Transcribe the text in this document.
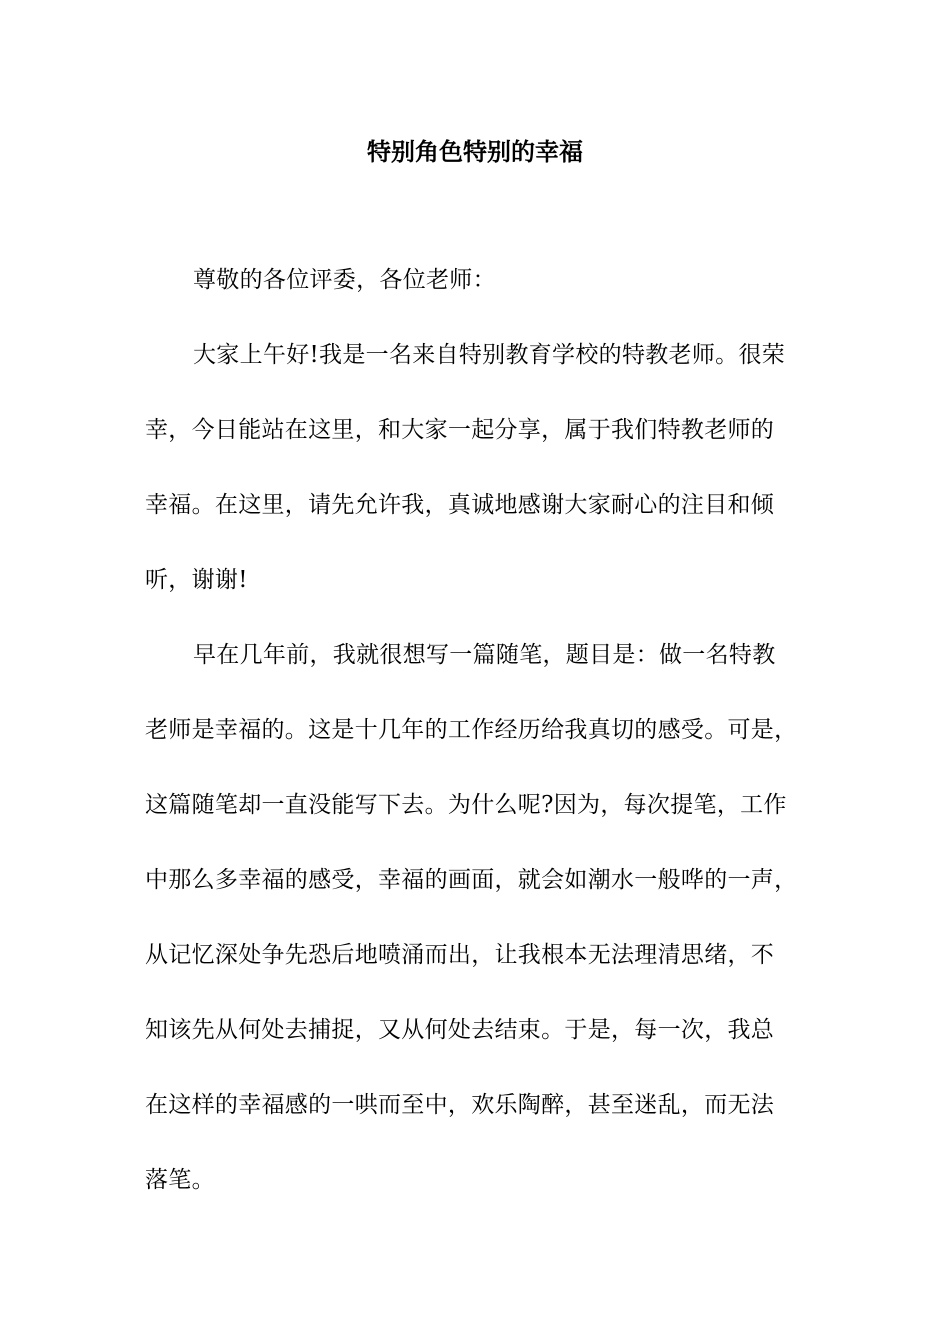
特别角色特别的幸福
尊敬的各位评委，各位老师：
大家上午好!我是一名来自特别教育学校的特教老师。很荣
幸，今日能站在这里，和大家一起分享，属于我们特教老师的
幸福。在这里，请先允许我，真诚地感谢大家耐心的注目和倾
听，谢谢!
早在几年前，我就很想写一篇随笔，题目是：做一名特教
老师是幸福的。这是十几年的工作经历给我真切的感受。可是，
这篇随笔却一直没能写下去。为什么呢?因为，每次提笔，工作
中那么多幸福的感受，幸福的画面，就会如潮水一般哗的一声，
从记忆深处争先恐后地喷涌而出，让我根本无法理清思绪，不
知该先从何处去捕捉，又从何处去结束。于是，每一次，我总
在这样的幸福感的一哄而至中，欢乐陶醉，甚至迷乱，而无法
落笔。
